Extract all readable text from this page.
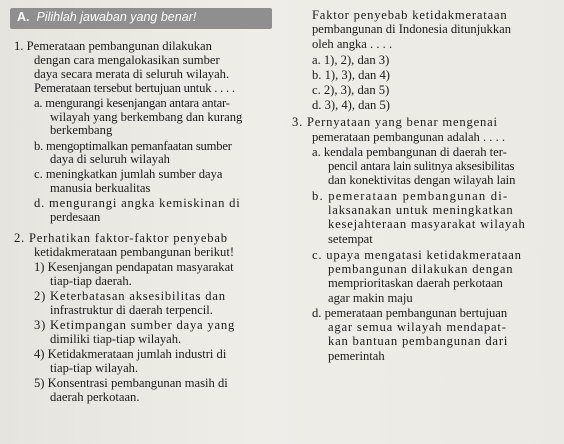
A. Pilihlah jawaban yang benar!
1. Pemerataan pembangunan dilakukan
dengan cara mengalokasikan sumber
daya secara merata di seluruh wilayah.
Pemerataan tersebut bertujuan untuk . . . .
a. mengurangi kesenjangan antara antar-
wilayah yang berkembang dan kurang
berkembang
b. mengoptimalkan pemanfaatan sumber
daya di seluruh wilayah
c. meningkatkan jumlah sumber daya
manusia berkualitas
d. mengurangi angka kemiskinan di
perdesaan
2. Perhatikan faktor-faktor penyebab
ketidakmerataan pembangunan berikut!
1) Kesenjangan pendapatan masyarakat
tiap-tiap daerah.
2) Keterbatasan aksesibilitas dan
infrastruktur di daerah terpencil.
3) Ketimpangan sumber daya yang
dimiliki tiap-tiap wilayah.
4) Ketidakmerataan jumlah industri di
tiap-tiap wilayah.
5) Konsentrasi pembangunan masih di
daerah perkotaan.
Faktor penyebab ketidakmerataan
pembangunan di Indonesia ditunjukkan
oleh angka . . . .
a. 1), 2), dan 3)
b. 1), 3), dan 4)
c. 2), 3), dan 5)
d. 3), 4), dan 5)
3. Pernyataan yang benar mengenai
pemerataan pembangunan adalah . . . .
a. kendala pembangunan di daerah ter-
pencil antara lain sulitnya aksesibilitas
dan konektivitas dengan wilayah lain
b. pemerataan pembangunan di-
laksanakan untuk meningkatkan
kesejahteraan masyarakat wilayah
setempat
c. upaya mengatasi ketidakmerataan
pembangunan dilakukan dengan
memprioritaskan daerah perkotaan
agar makin maju
d. pemerataan pembangunan bertujuan
agar semua wilayah mendapat-
kan bantuan pembangunan dari
pemerintah
